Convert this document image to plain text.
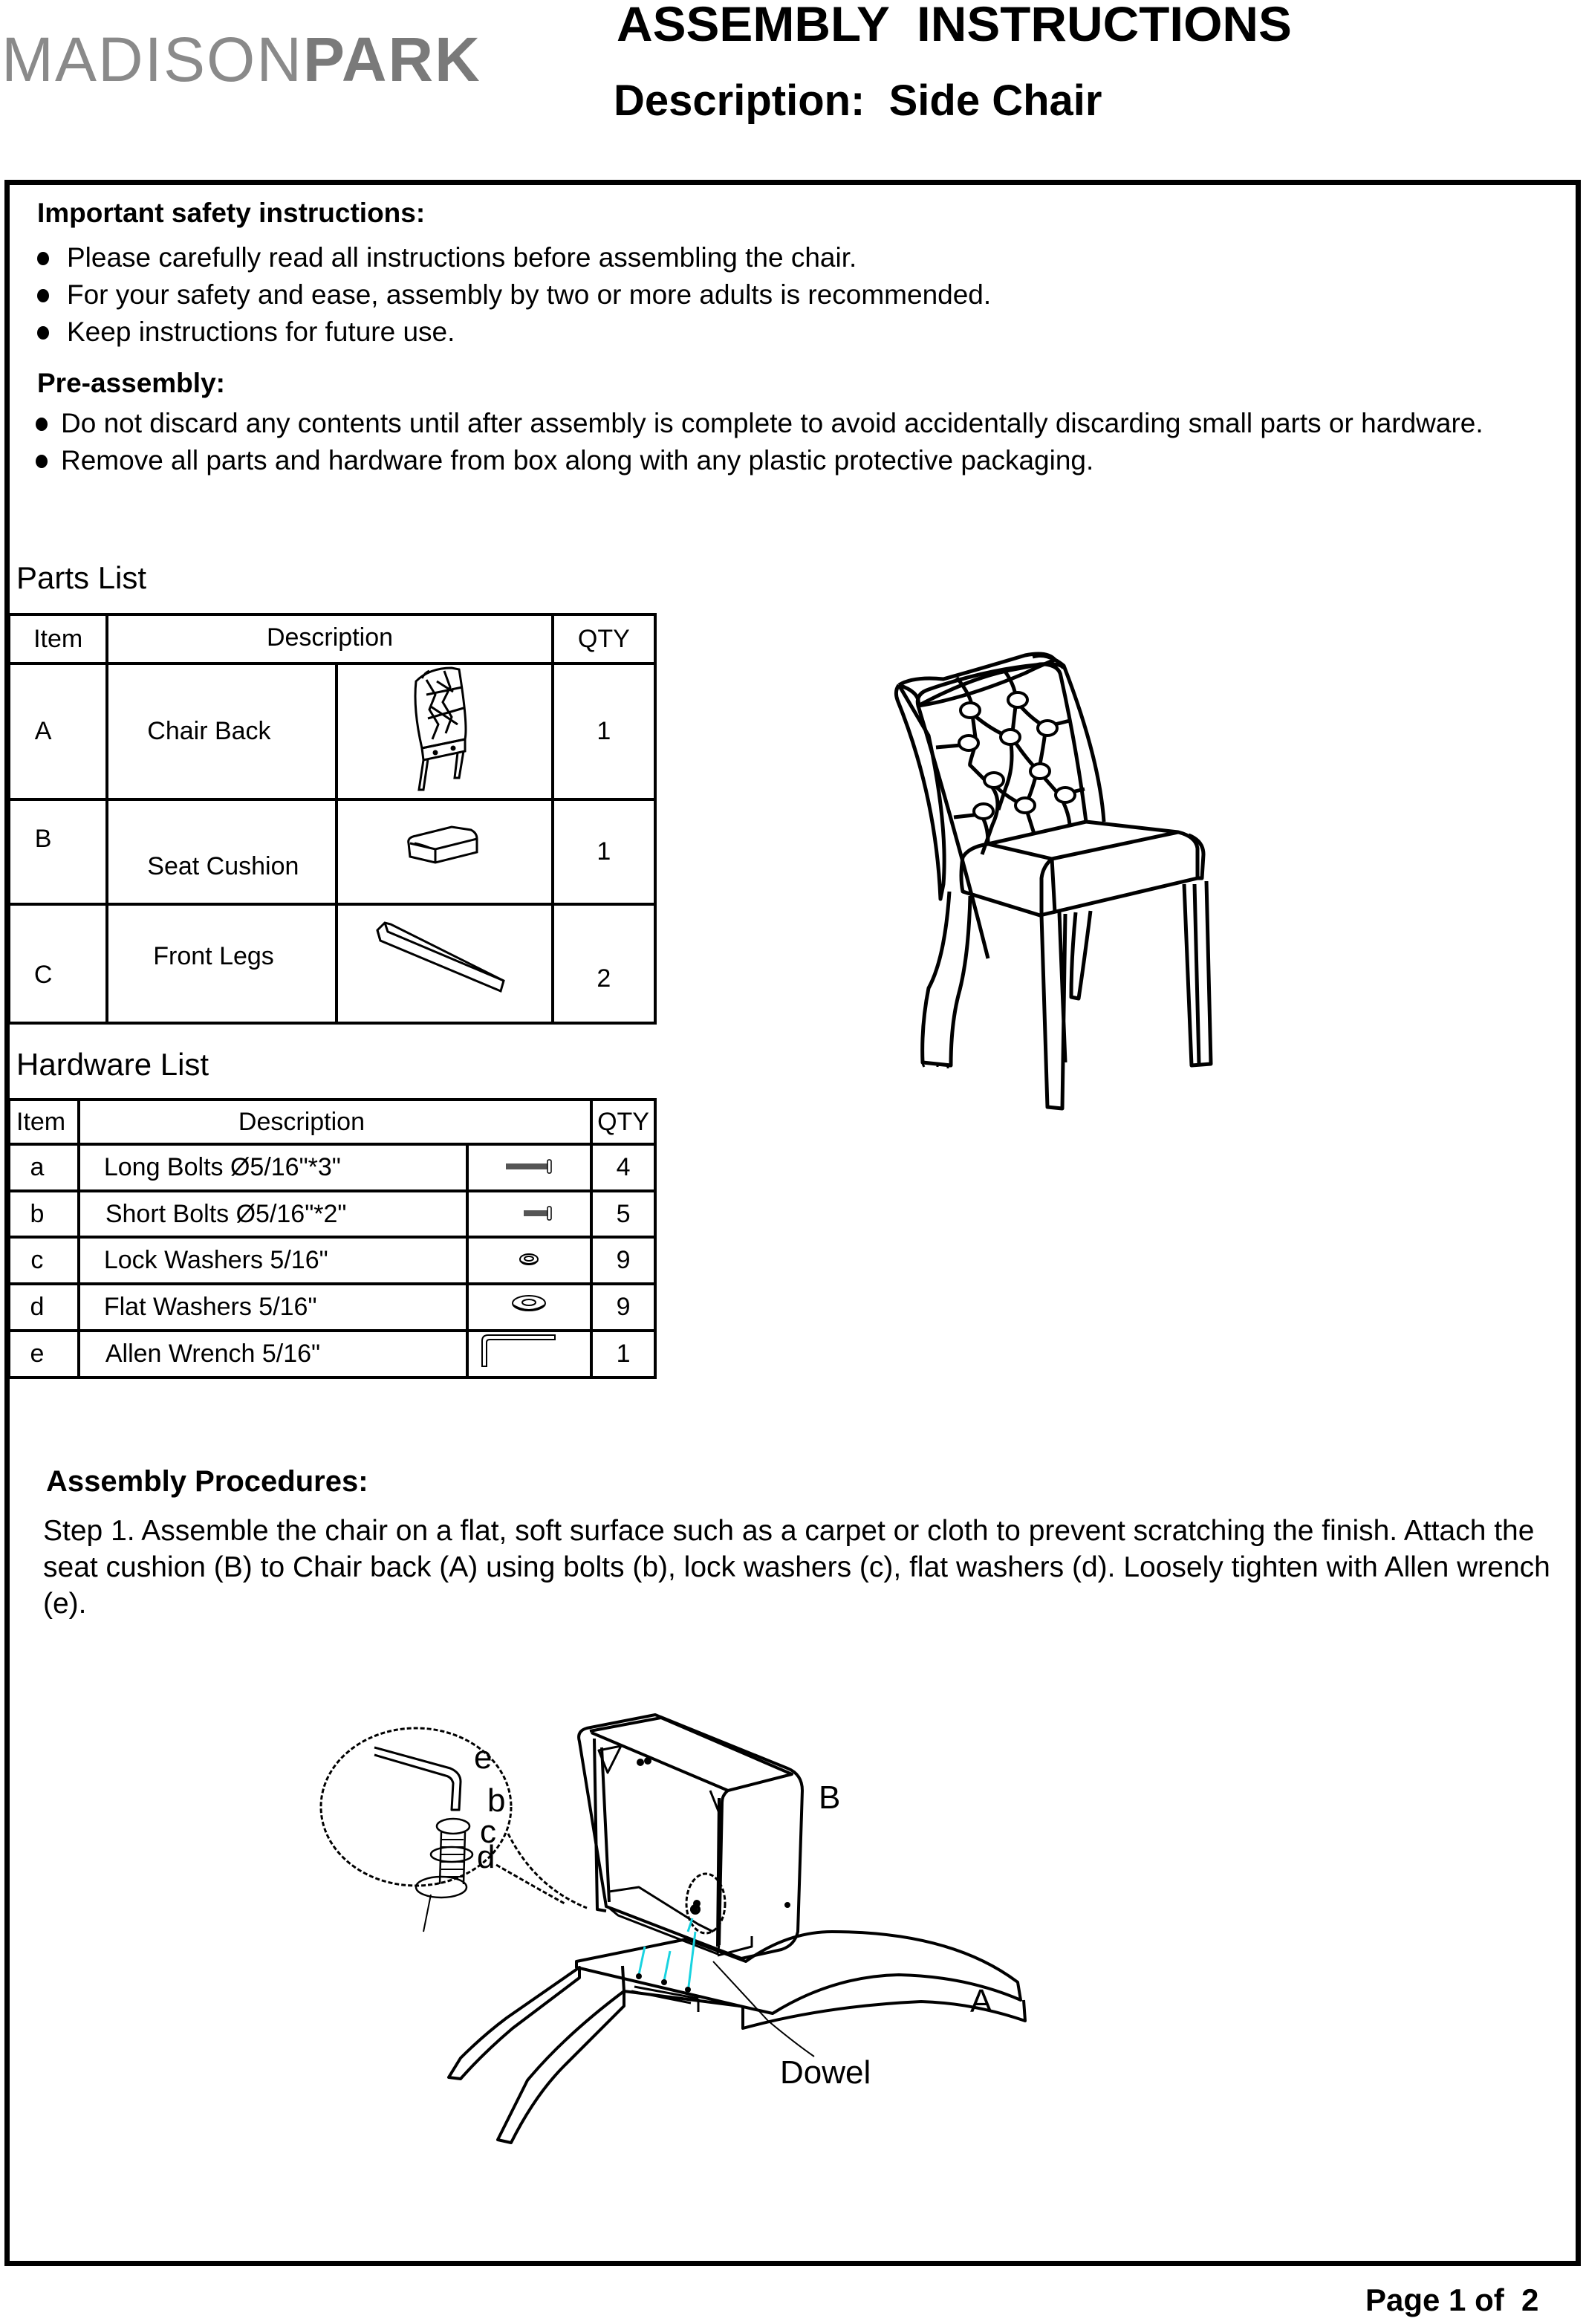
MADISONPARK
ASSEMBLY  INSTRUCTIONS
Description:  Side Chair
Important safety instructions:
Please carefully read all instructions before assembling the chair.
For your safety and ease, assembly by two or more adults is recommended.
Keep instructions for future use.
Pre-assembly:
Do not discard any contents until after assembly is complete to avoid accidentally discarding small parts or hardware.
Remove all parts and hardware from box along with any plastic protective packaging.
Parts List
Item	Description		QTY
A	Chair Back		1
B	Seat Cushion		1
C	Front Legs		2
Hardware List
Item	Description		QTY
a	Long Bolts Ø5/16"*3"		4
b	Short Bolts Ø5/16"*2"		5
c	Lock Washers 5/16"		9
d	Flat Washers 5/16"		9
e	Allen Wrench 5/16"		1
Assembly Procedures:
Step 1. Assemble the chair on a flat, soft surface such as a carpet or cloth to prevent scratching the finish. Attach the seat cushion (B) to Chair back (A) using bolts (b), lock washers (c), flat washers (d). Loosely tighten with Allen wrench (e).
e
b
c
d
B
A
Dowel
Page 1 of  2
